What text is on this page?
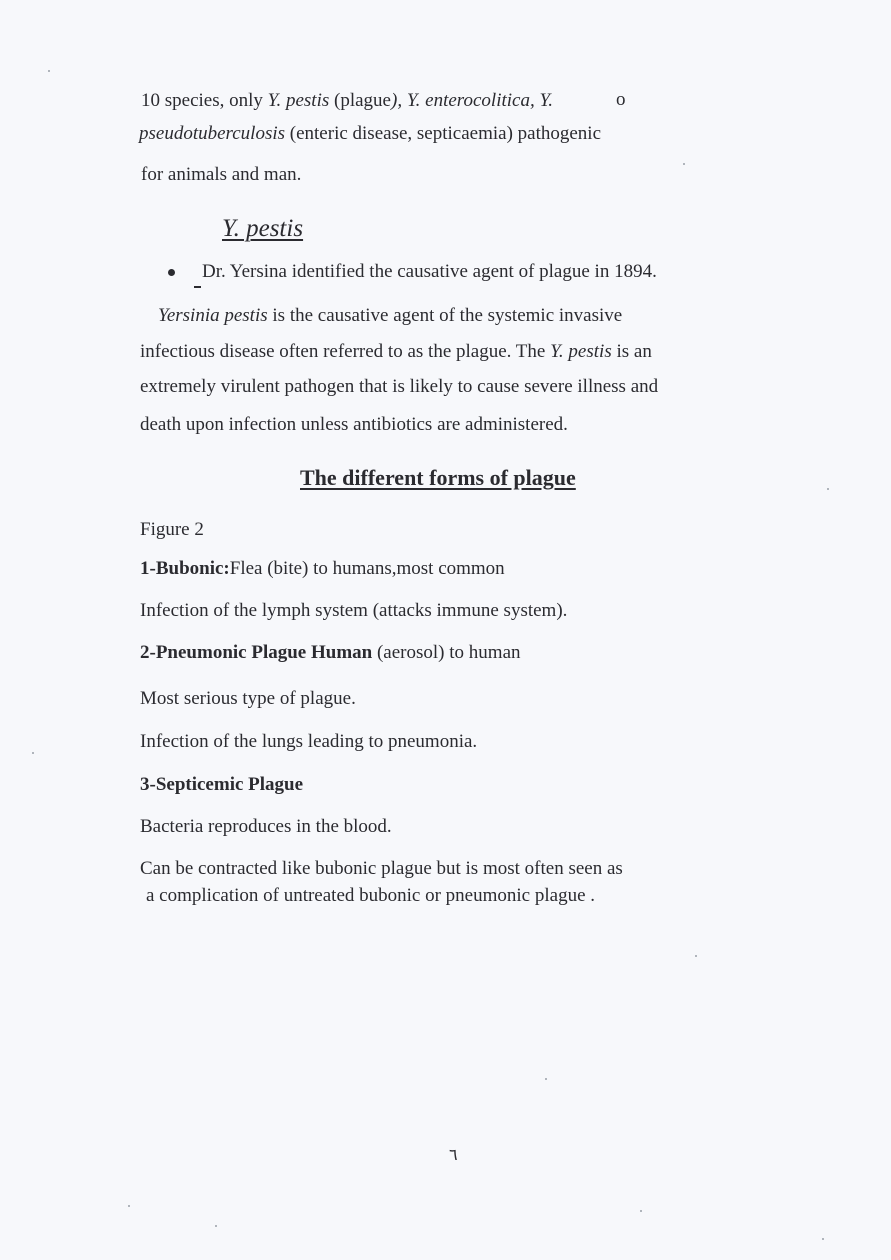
10 species, only Y. pestis (plague), Y. enterocolitica, Y.	o
pseudotuberculosis (enteric disease, septicaemia) pathogenic
for animals and man.
Y. pestis
Dr. Yersina identified the causative agent of plague in 1894.
Yersinia pestis is the causative agent of the systemic invasive
infectious disease often referred to as the plague. The Y. pestis is an
extremely virulent pathogen that is likely to cause severe illness and
death upon infection unless antibiotics are administered.
The different forms of plague
Figure 2
1-Bubonic:Flea (bite) to humans,most common
Infection of the lymph system (attacks immune system).
2-Pneumonic Plague Human (aerosol) to human
Most serious type of plague.
Infection of the lungs leading to pneumonia.
3-Septicemic Plague
Bacteria reproduces in the blood.
Can be contracted like bubonic plague but is most often seen as
a complication of untreated bubonic or pneumonic plague .
٦
